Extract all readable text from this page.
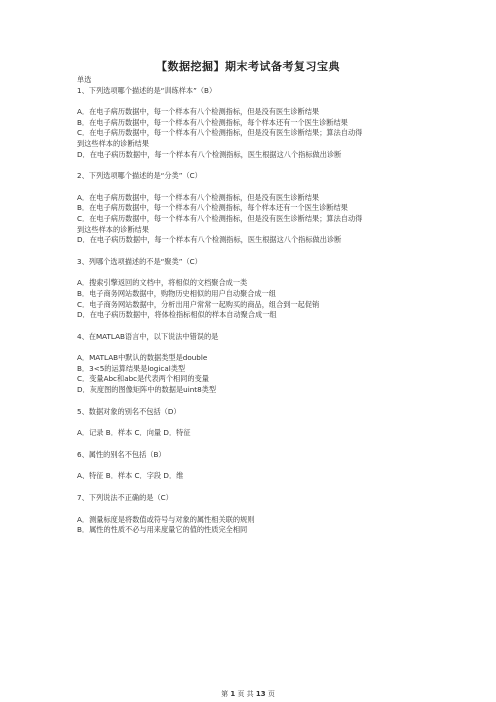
【数据挖掘】期末考试备考复习宝典
单选
1、下列选项哪个描述的是“训练样本”（B）
A．在电子病历数据中，每一个样本有八个检测指标，但是没有医生诊断结果
B．在电子病历数据中，每一个样本有八个检测指标，每个样本还有一个医生诊断结果
C．在电子病历数据中，每一个样本有八个检测指标，但是没有医生诊断结果；算法自动得
到这些样本的诊断结果
D．在电子病历数据中，每一个样本有八个检测指标，医生根据这八个指标做出诊断
2、下列选项哪个描述的是“分类”（C）
A．在电子病历数据中，每一个样本有八个检测指标，但是没有医生诊断结果
B．在电子病历数据中，每一个样本有八个检测指标，每个样本还有一个医生诊断结果
C．在电子病历数据中，每一个样本有八个检测指标，但是没有医生诊断结果；算法自动得
到这些样本的诊断结果
D．在电子病历数据中，每一个样本有八个检测指标，医生根据这八个指标做出诊断
3、列哪个选项描述的不是“聚类”（C）
A．搜索引擎返回的文档中，将相似的文档聚合成一类
B．电子商务网站数据中，购物历史相似的用户自动聚合成一组
C．电子商务网站数据中，分析出用户常常一起购买的商品，组合到一起促销
D．在电子病历数据中，将体检指标相似的样本自动聚合成一组
4、在MATLAB语言中，以下说法中错误的是
A．MATLAB中默认的数据类型是double
B．3<5的运算结果是logical类型
C．变量Abc和abc是代表两个相同的变量
D．灰度图的图像矩阵中的数据是uint8类型
5、数据对象的别名不包括（D）
A．记录 B．样本 C．向量 D．特征
6、属性的别名不包括（B）
A、特征 B．样本 C．字段 D．维
7、下列说法不正确的是（C）
A．测量标度是将数值或符号与对象的属性相关联的规则
B．属性的性质不必与用来度量它的值的性质完全相同
第 1 页 共 13 页
